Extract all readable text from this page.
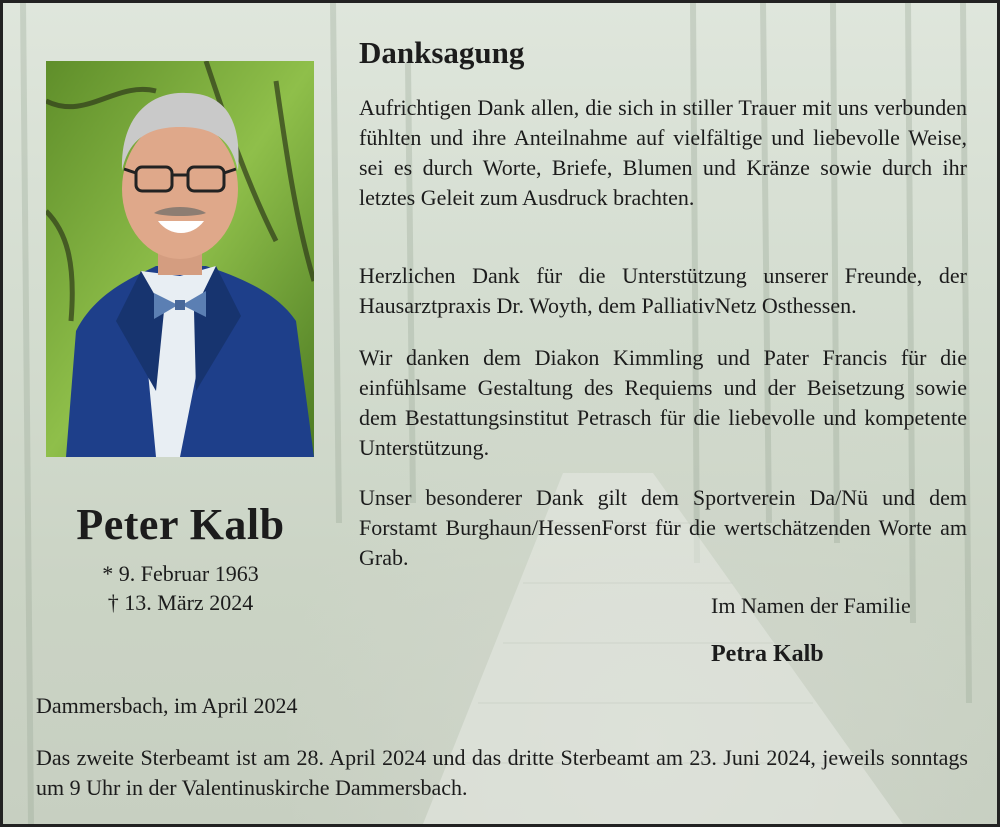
Peter Kalb
* 9. Februar 1963
† 13. März 2024
Danksagung
Aufrichtigen Dank allen, die sich in stiller Trauer mit uns verbunden fühlten und ihre Anteilnahme auf vielfältige und liebevolle Weise, sei es durch Worte, Briefe, Blumen und Kränze sowie durch ihr letztes Geleit zum Ausdruck brachten.
Herzlichen Dank für die Unterstützung unserer Freunde, der Hausarztpraxis Dr. Woyth, dem PalliativNetz Osthessen.
Wir danken dem Diakon Kimmling und Pater Francis für die einfühlsame Gestaltung des Requiems und der Beisetzung sowie dem Bestattungsinstitut Petrasch für die liebevolle und kompetente Unterstützung.
Unser besonderer Dank gilt dem Sportverein Da/Nü und dem Forstamt Burghaun/HessenForst für die wertschätzenden Worte am Grab.
Im Namen der Familie
Petra Kalb
Dammersbach, im April 2024
Das zweite Sterbeamt ist am 28. April 2024 und das dritte Sterbeamt am 23. Juni 2024, jeweils sonntags um 9 Uhr in der Valentinuskirche Dammersbach.
